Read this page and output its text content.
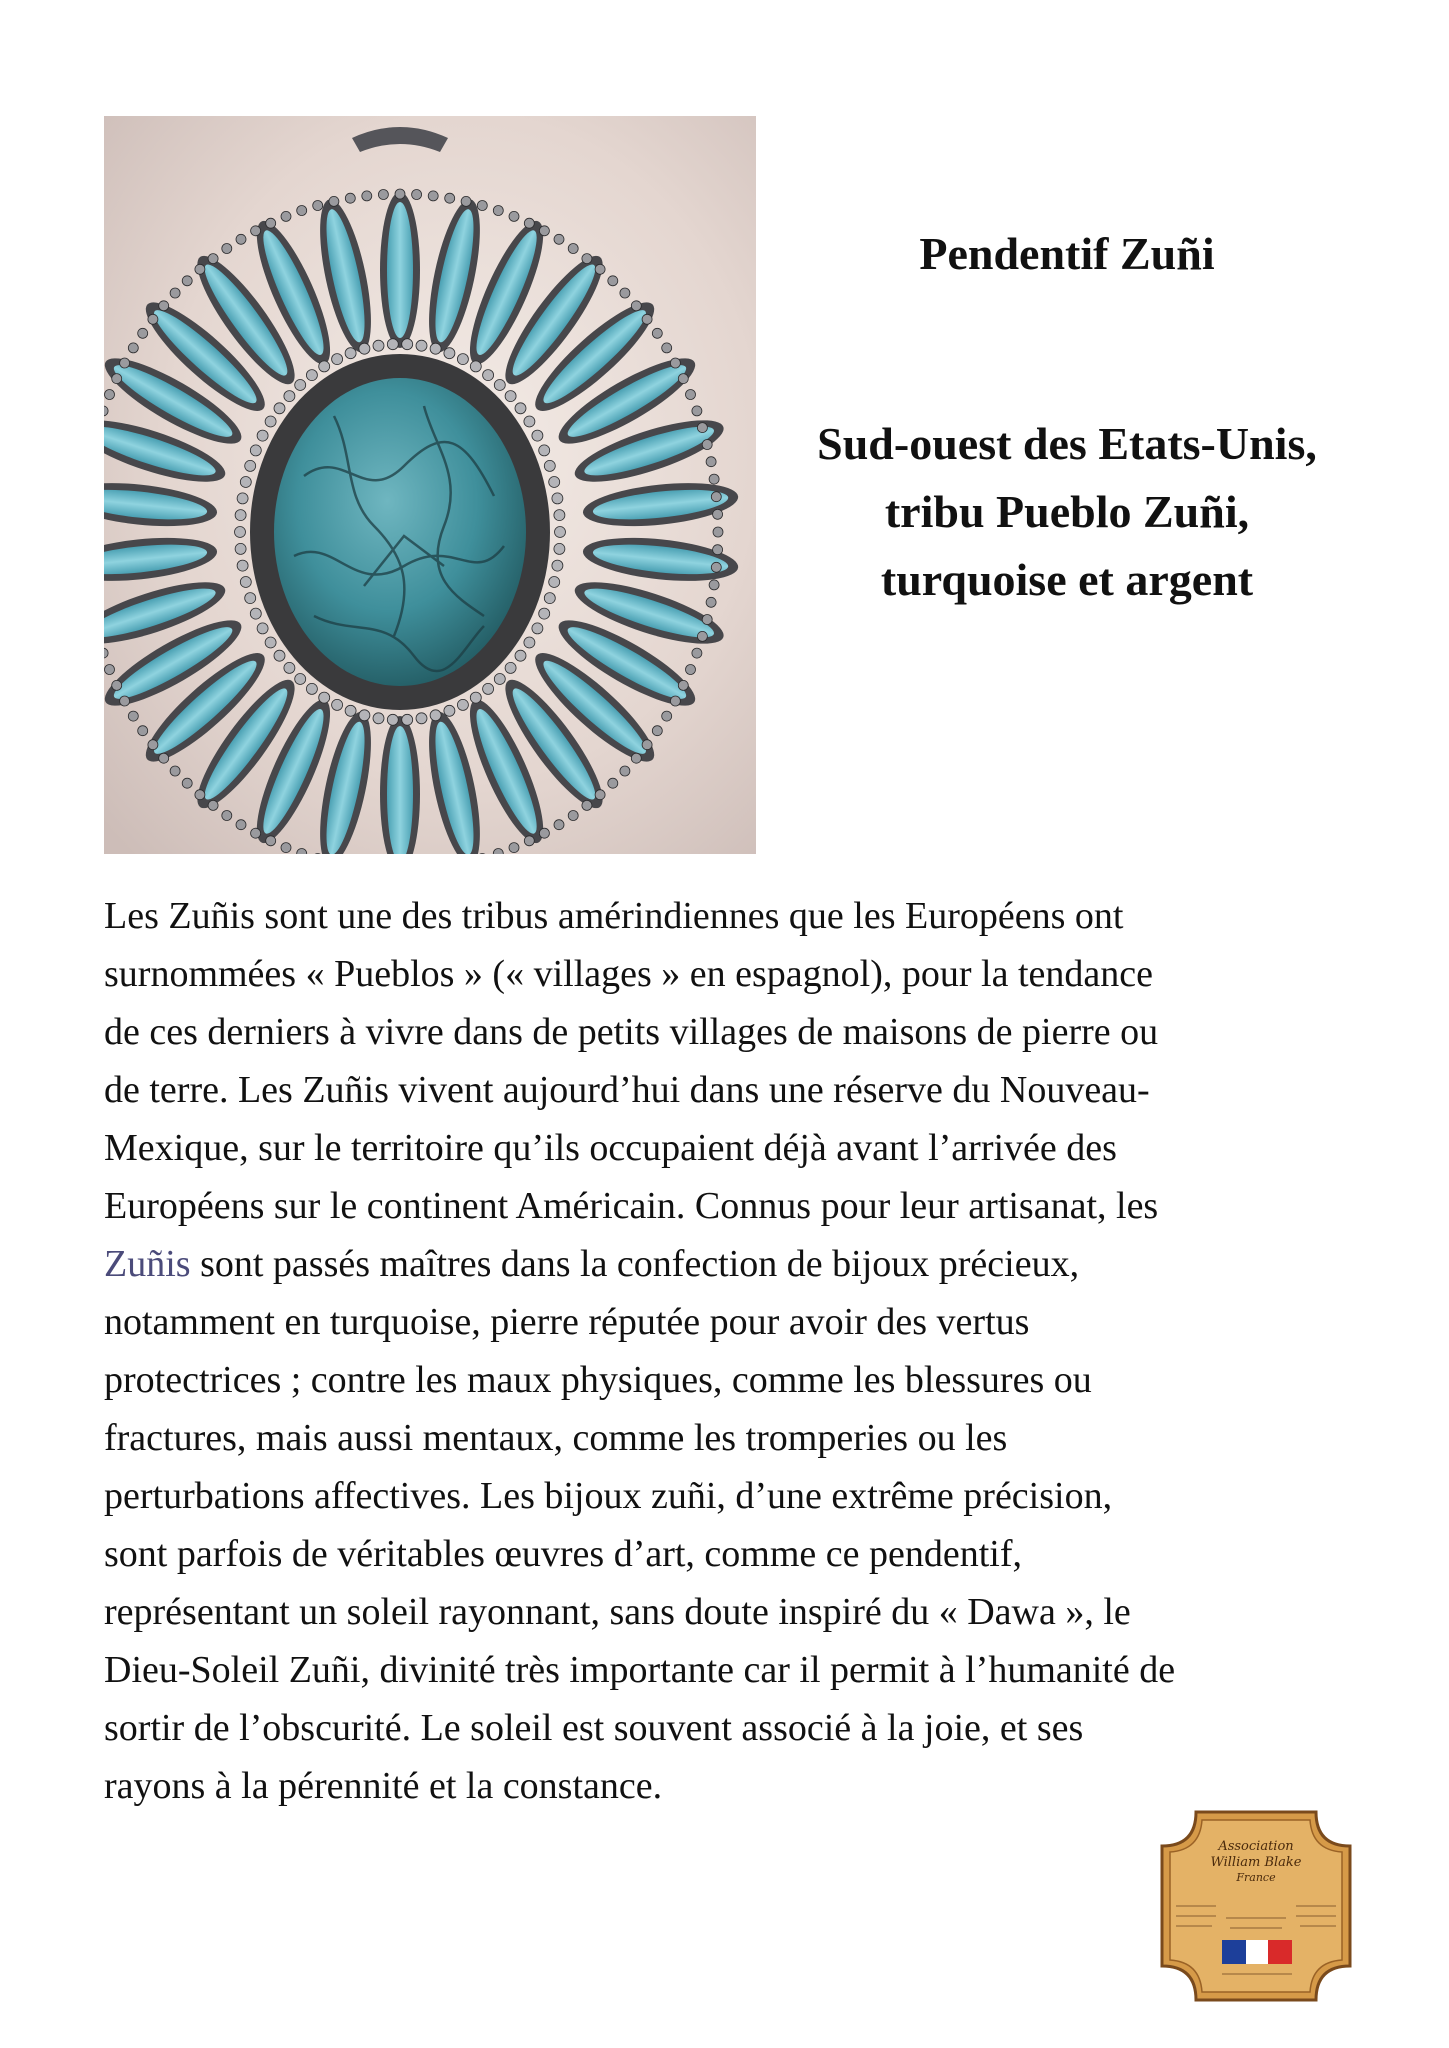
Pendentif Zuñi
Sud-ouest des Etats-Unis,
tribu Pueblo Zuñi,
turquoise et argent

Les Zuñis sont une des tribus amérindiennes que les Européens ont
surnommées « Pueblos » (« villages » en espagnol), pour la tendance
de ces derniers à vivre dans de petits villages de maisons de pierre ou
de terre. Les Zuñis vivent aujourd’hui dans une réserve du Nouveau-
Mexique, sur le territoire qu’ils occupaient déjà avant l’arrivée des
Européens sur le continent Américain. Connus pour leur artisanat, les
Zuñis sont passés maîtres dans la confection de bijoux précieux,
notamment en turquoise, pierre réputée pour avoir des vertus
protectrices ; contre les maux physiques, comme les blessures ou
fractures, mais aussi mentaux, comme les tromperies ou les
perturbations affectives. Les bijoux zuñi, d’une extrême précision,
sont parfois de véritables œuvres d’art, comme ce pendentif,
représentant un soleil rayonnant, sans doute inspiré du « Dawa », le
Dieu-Soleil Zuñi, divinité très importante car il permit à l’humanité de
sortir de l’obscurité. Le soleil est souvent associé à la joie, et ses
rayons à la pérennité et la constance.

Association
William Blake
France
